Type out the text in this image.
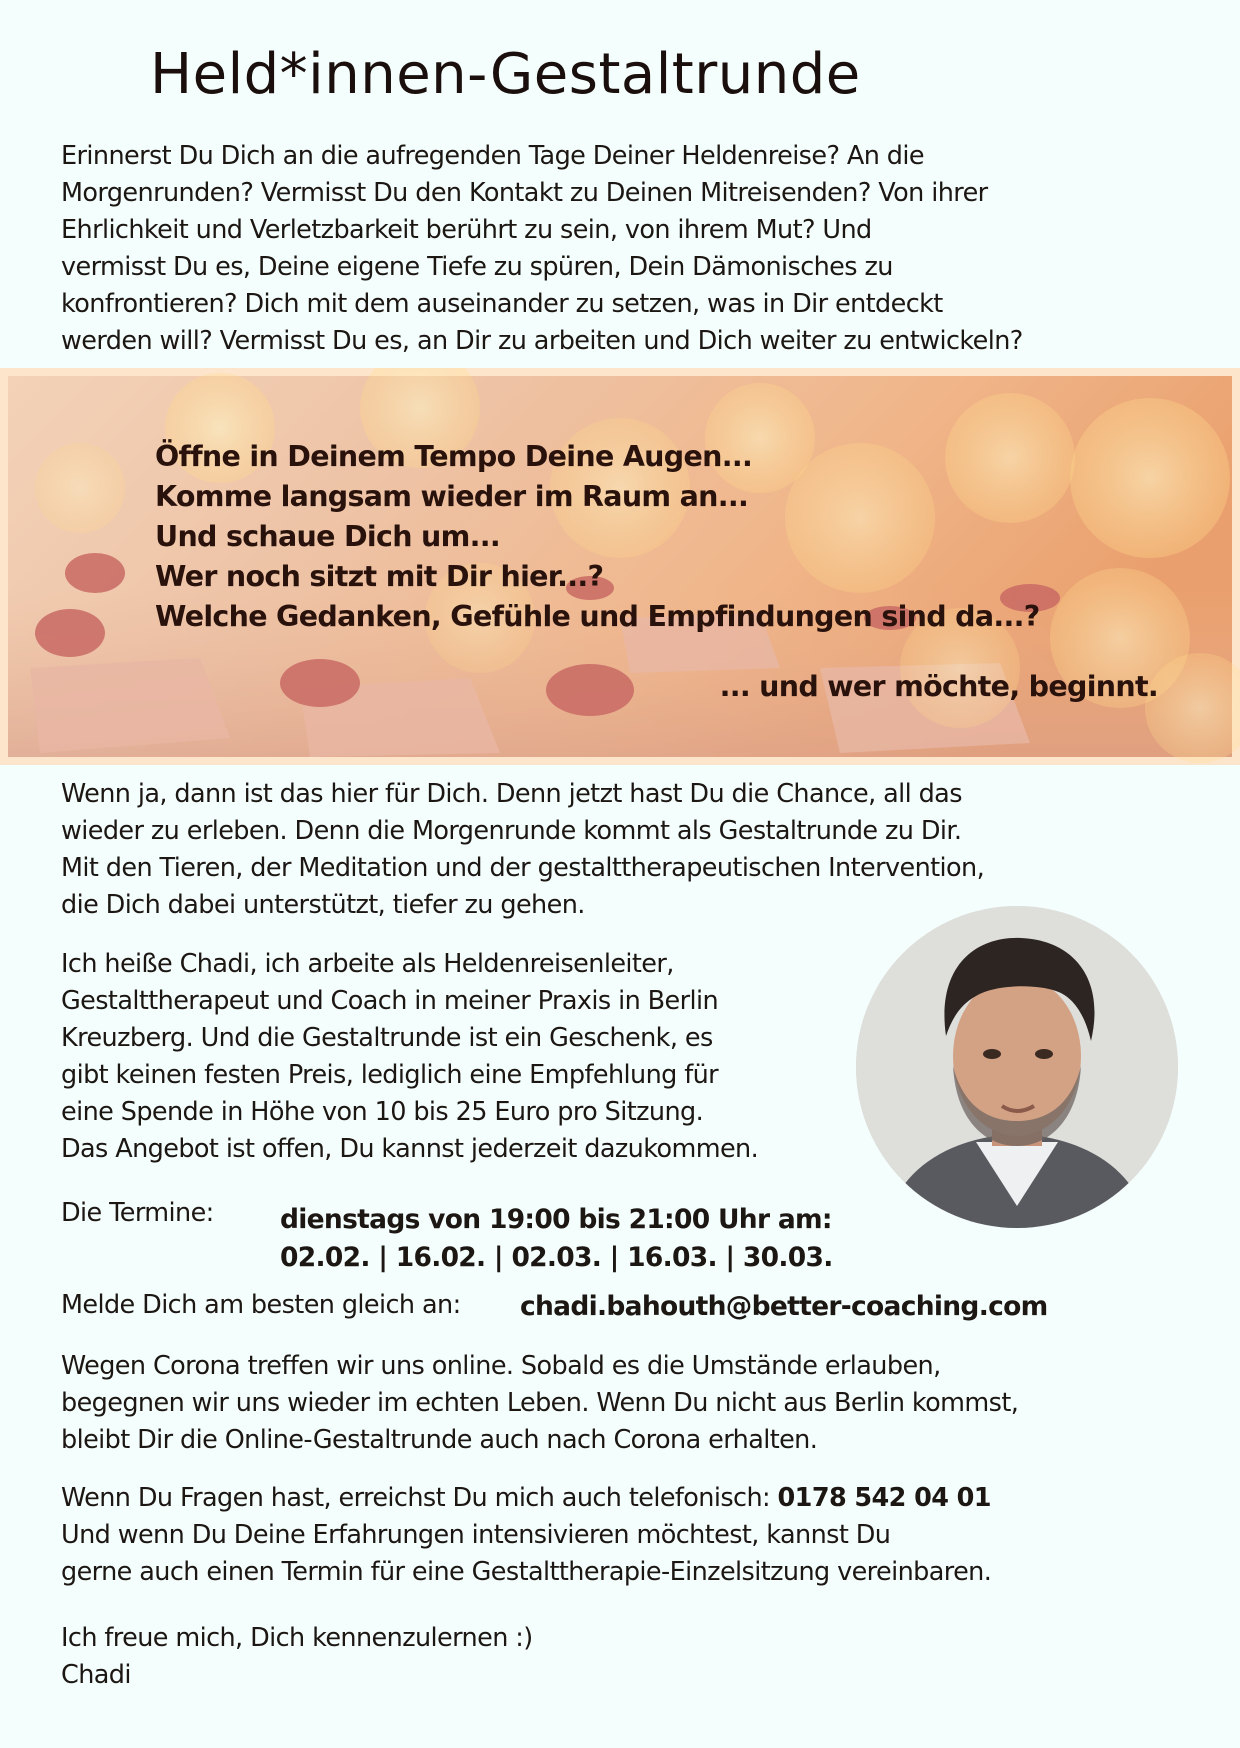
Held*innen-Gestaltrunde

Erinnerst Du Dich an die aufregenden Tage Deiner Heldenreise? An die
Morgenrunden? Vermisst Du den Kontakt zu Deinen Mitreisenden? Von ihrer
Ehrlichkeit und Verletzbarkeit berührt zu sein, von ihrem Mut? Und
vermisst Du es, Deine eigene Tiefe zu spüren, Dein Dämonisches zu
konfrontieren? Dich mit dem auseinander zu setzen, was in Dir entdeckt
werden will? Vermisst Du es, an Dir zu arbeiten und Dich weiter zu entwickeln?

Öffne in Deinem Tempo Deine Augen...
Komme langsam wieder im Raum an...
Und schaue Dich um...
Wer noch sitzt mit Dir hier...?
Welche Gedanken, Gefühle und Empfindungen sind da...?

... und wer möchte, beginnt.

Wenn ja, dann ist das hier für Dich. Denn jetzt hast Du die Chance, all das
wieder zu erleben. Denn die Morgenrunde kommt als Gestaltrunde zu Dir.
Mit den Tieren, der Meditation und der gestalttherapeutischen Intervention,
die Dich dabei unterstützt, tiefer zu gehen.

Ich heiße Chadi, ich arbeite als Heldenreisenleiter,
Gestalttherapeut und Coach in meiner Praxis in Berlin
Kreuzberg. Und die Gestaltrunde ist ein Geschenk, es
gibt keinen festen Preis, lediglich eine Empfehlung für
eine Spende in Höhe von 10 bis 25 Euro pro Sitzung.
Das Angebot ist offen, Du kannst jederzeit dazukommen.

Die Termine:	dienstags von 19:00 bis 21:00 Uhr am:
02.02. | 16.02. | 02.03. | 16.03. | 30.03.

Melde Dich am besten gleich an: chadi.bahouth@better-coaching.com

Wegen Corona treffen wir uns online. Sobald es die Umstände erlauben,
begegnen wir uns wieder im echten Leben. Wenn Du nicht aus Berlin kommst,
bleibt Dir die Online-Gestaltrunde auch nach Corona erhalten.

Wenn Du Fragen hast, erreichst Du mich auch telefonisch: 0178 542 04 01
Und wenn Du Deine Erfahrungen intensivieren möchtest, kannst Du
gerne auch einen Termin für eine Gestalttherapie-Einzelsitzung vereinbaren.

Ich freue mich, Dich kennenzulernen :)
Chadi
